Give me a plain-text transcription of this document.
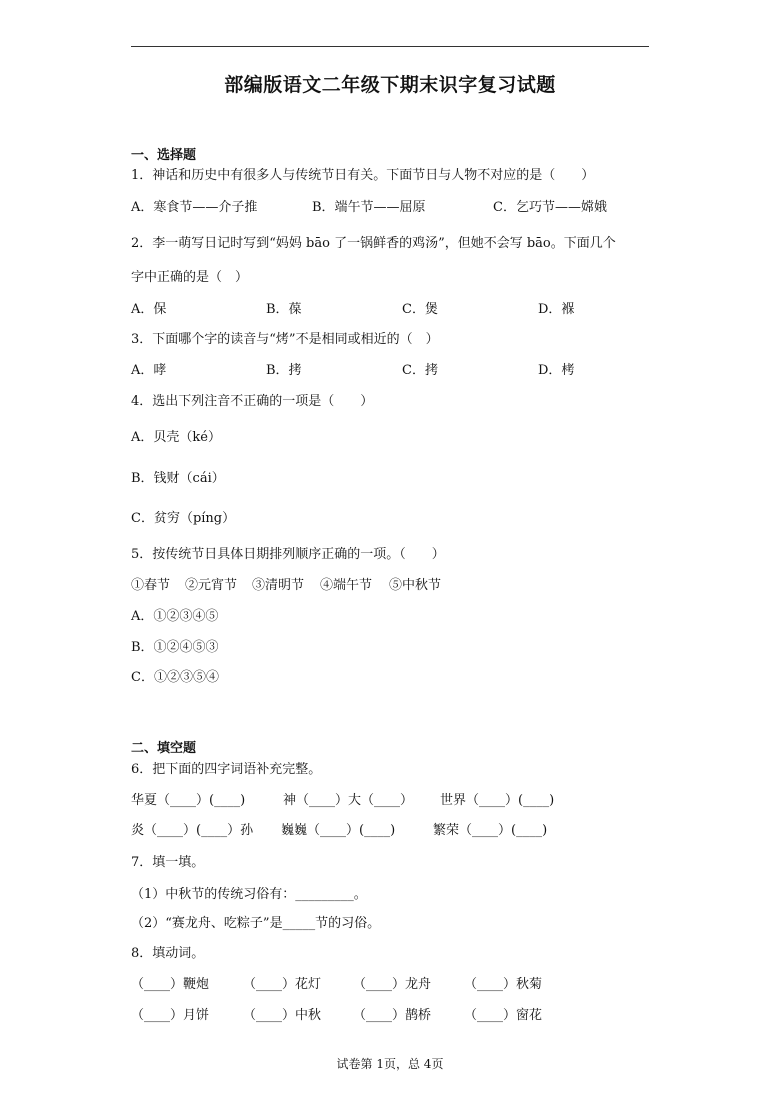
部编版语文二年级下期末识字复习试题
一、选择题
1．神话和历史中有很多人与传统节日有关。下面节日与人物不对应的是（　　）
A．寒食节——介子推	B．端午节——屈原	C．乞巧节——嫦娥
2．李一萌写日记时写到“妈妈 bāo 了一锅鲜香的鸡汤”，但她不会写 bāo。下面几个
字中正确的是（　）
A．保	B．葆	C．煲	D．褓
3．下面哪个字的读音与“烤”不是相同或相近的（　）
A．哮	B．拷	C．拷	D．栲
4．选出下列注音不正确的一项是（　　）
A．贝壳（ké）
B．钱财（cái）
C．贫穷（píng）
5．按传统节日具体日期排列顺序正确的一项。（　　）
①春节 ②元宵节 ③清明节 ④端午节 ⑤中秋节
A．①②③④⑤
B．①②④⑤③
C．①②③⑤④
二、填空题
6．把下面的四字词语补充完整。
华夏（____）(____)	神（____）大（____） 世界（____）(____)
炎（____）(____）孙 巍巍（____）(____)	繁荣（____）(____)
7．填一填。
（1）中秋节的传统习俗有：_________。
（2）“赛龙舟、吃粽子”是_____节的习俗。
8．填动词。
（____）鞭炮	（____）花灯 （____）龙舟	（____）秋菊
（____）月饼	（____）中秋 （____）鹊桥	（____）窗花
试卷第 1页，总 4页
